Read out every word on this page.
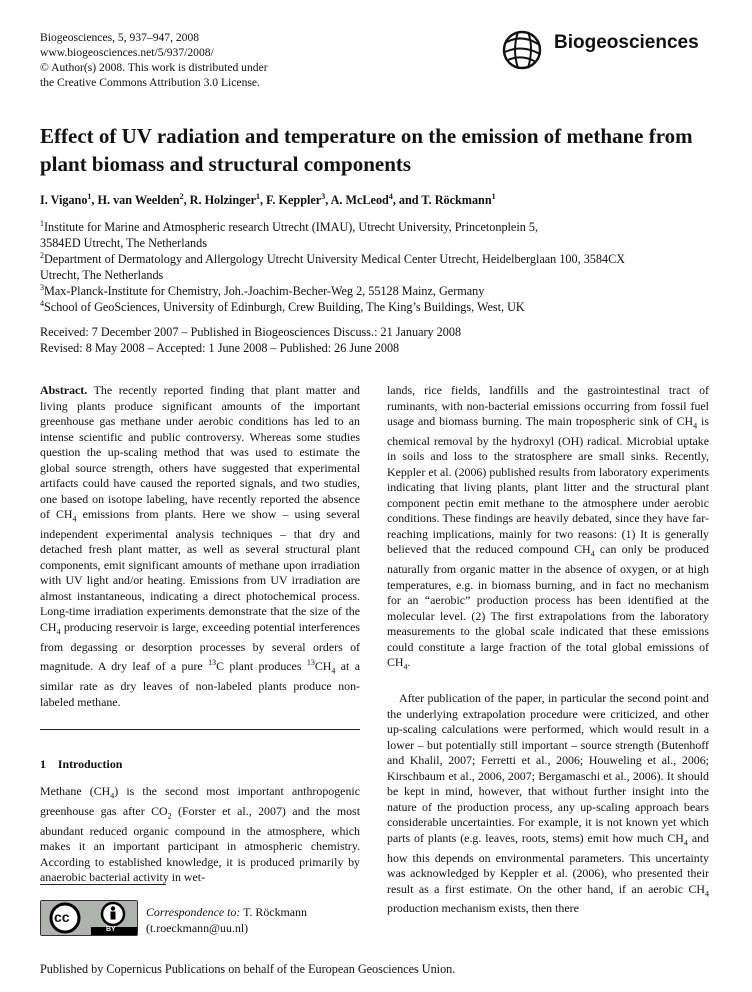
Biogeosciences, 5, 937–947, 2008
www.biogeosciences.net/5/937/2008/
© Author(s) 2008. This work is distributed under
the Creative Commons Attribution 3.0 License.
Biogeosciences
Effect of UV radiation and temperature on the emission of methane from plant biomass and structural components
I. Vigano$^1$, H. van Weelden$^2$, R. Holzinger$^1$, F. Keppler$^3$, A. McLeod$^4$, and T. Röckmann$^1$
$^1$Institute for Marine and Atmospheric research Utrecht (IMAU), Utrecht University, Princetonplein 5,
3584ED Utrecht, The Netherlands
$^2$Department of Dermatology and Allergology Utrecht University Medical Center Utrecht, Heidelberglaan 100, 3584CX
Utrecht, The Netherlands
$^3$Max-Planck-Institute for Chemistry, Joh.-Joachim-Becher-Weg 2, 55128 Mainz, Germany
$^4$School of GeoSciences, University of Edinburgh, Crew Building, The King’s Buildings, West, UK
Received: 7 December 2007 – Published in Biogeosciences Discuss.: 21 January 2008
Revised: 8 May 2008 – Accepted: 1 June 2008 – Published: 26 June 2008

Abstract. The recently reported finding that plant matter and living plants produce significant amounts of the important greenhouse gas methane under aerobic conditions has led to an intense scientific and public controversy. Whereas some studies question the up-scaling method that was used to estimate the global source strength, others have suggested that experimental artifacts could have caused the reported signals, and two studies, one based on isotope labeling, have recently reported the absence of $CH_4$ emissions from plants. Here we show – using several independent experimental analysis techniques – that dry and detached fresh plant matter, as well as several structural plant components, emit significant amounts of methane upon irradiation with UV light and/or heating. Emissions from UV irradiation are almost instantaneous, indicating a direct photochemical process. Long-time irradiation experiments demonstrate that the size of the $CH_4$ producing reservoir is large, exceeding potential interferences from degassing or desorption processes by several orders of magnitude. A dry leaf of a pure $^{13}$C plant produces $^{13}CH_4$ at a similar rate as dry leaves of non-labeled plants produce non-labeled methane.

1 Introduction

Methane $(CH_4)$ is the second most important anthropogenic greenhouse gas after $CO_2$ (Forster et al., 2007) and the most abundant reduced organic compound in the atmosphere, which makes it an important participant in atmospheric chemistry. According to established knowledge, it is produced primarily by anaerobic bacterial activity in wet-

cc
BY
Correspondence to: T. Röckmann
(t.roeckmann@uu.nl)

lands, rice fields, landfills and the gastrointestinal tract of ruminants, with non-bacterial emissions occurring from fossil fuel usage and biomass burning. The main tropospheric sink of $CH_4$ is chemical removal by the hydroxyl (OH) radical. Microbial uptake in soils and loss to the stratosphere are small sinks. Recently, Keppler et al. (2006) published results from laboratory experiments indicating that living plants, plant litter and the structural plant component pectin emit methane to the atmosphere under aerobic conditions. These findings are heavily debated, since they have far-reaching implications, mainly for two reasons: (1) It is generally believed that the reduced compound $CH_4$ can only be produced naturally from organic matter in the absence of oxygen, or at high temperatures, e.g. in biomass burning, and in fact no mechanism for an “aerobic” production process has been identified at the molecular level. (2) The first extrapolations from the laboratory measurements to the global scale indicated that these emissions could constitute a large fraction of the total global emissions of $CH_4$.

After publication of the paper, in particular the second point and the underlying extrapolation procedure were criticized, and other up-scaling calculations were performed, which would result in a lower – but potentially still important – source strength (Butenhoff and Khalil, 2007; Ferretti et al., 2006; Houweling et al., 2006; Kirschbaum et al., 2006, 2007; Bergamaschi et al., 2006). It should be kept in mind, however, that without further insight into the nature of the production process, any up-scaling approach bears considerable uncertainties. For example, it is not known yet which parts of plants (e.g. leaves, roots, stems) emit how much $CH_4$ and how this depends on environmental parameters. This uncertainty was acknowledged by Keppler et al. (2006), who presented their result as a first estimate. On the other hand, if an aerobic $CH_4$ production mechanism exists, then there

Published by Copernicus Publications on behalf of the European Geosciences Union.
